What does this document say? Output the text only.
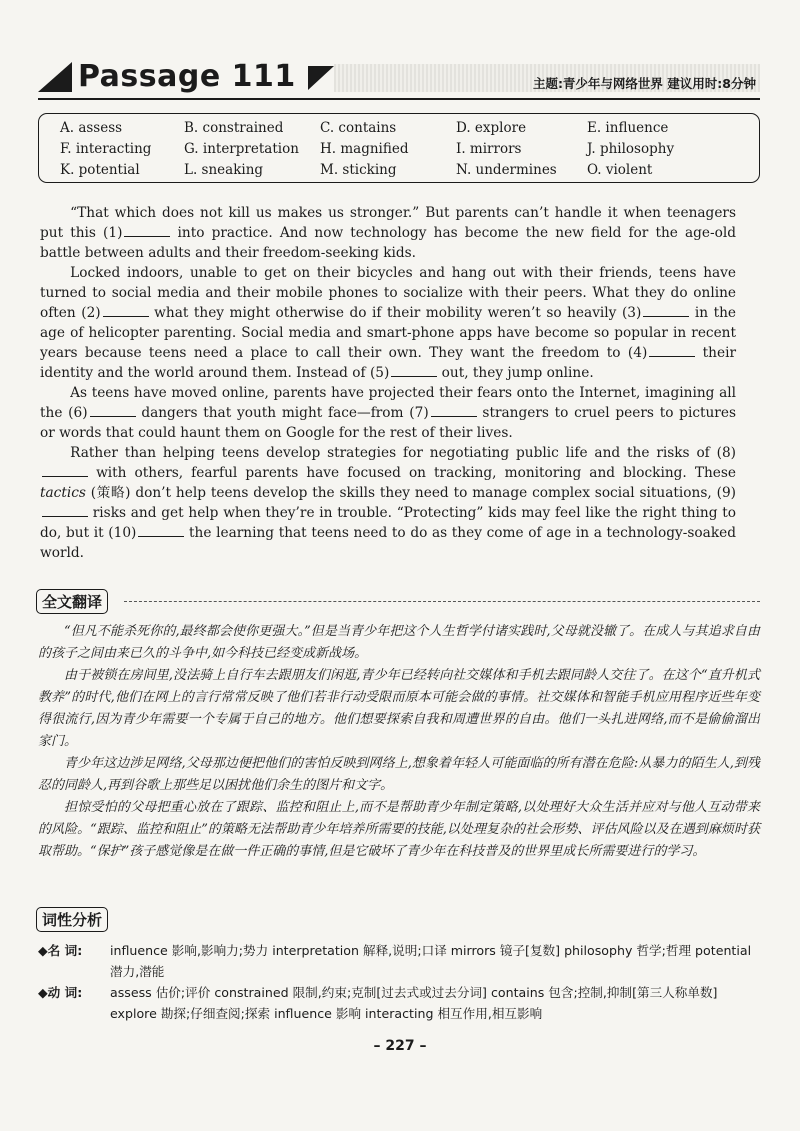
Passage 111	主题:青少年与网络世界 建议用时:8分钟
A. assess	B. constrained	C. contains	D. explore	E. influence
F. interacting	G. interpretation	H. magnified	I. mirrors	J. philosophy
K. potential	L. sneaking	M. sticking	N. undermines	O. violent

“That which does not kill us makes us stronger.” But parents can’t handle it when teenagers put this (1)	into practice. And now technology has become the new field for the age-old battle between adults and their freedom-seeking kids.

Locked indoors, unable to get on their bicycles and hang out with their friends, teens have turned to social media and their mobile phones to socialize with their peers. What they do online often (2)	what they might otherwise do if their mobility weren’t so heavily (3)	in the age of helicopter parenting. Social media and smart-phone apps have become so popular in recent years because teens need a place to call their own. They want the freedom to (4)	their identity and the world around them. Instead of (5)	out, they jump online.

As teens have moved online, parents have projected their fears onto the Internet, imagining all the (6)	dangers that youth might face—from (7)	strangers to cruel peers to pictures or words that could haunt them on Google for the rest of their lives.

Rather than helping teens develop strategies for negotiating public life and the risks of (8) with others, fearful parents have focused on tracking, monitoring and blocking. These tactics (策略) don’t help teens develop the skills they need to manage complex social situations, (9) risks and get help when they’re in trouble. “Protecting” kids may feel like the right thing to do, but it (10)	the learning that teens need to do as they come of age in a technology-soaked world.

全文翻译

“但凡不能杀死你的,最终都会使你更强大。”但是当青少年把这个人生哲学付诸实践时,父母就没辙了。在成人与其追求自由的孩子之间由来已久的斗争中,如今科技已经变成新战场。

由于被锁在房间里,没法骑上自行车去跟朋友们闲逛,青少年已经转向社交媒体和手机去跟同龄人交往了。在这个“直升机式教养”的时代,他们在网上的言行常常反映了他们若非行动受限而原本可能会做的事情。社交媒体和智能手机应用程序近些年变得很流行,因为青少年需要一个专属于自己的地方。他们想要探索自我和周遭世界的自由。他们一头扎进网络,而不是偷偷溜出家门。

青少年这边涉足网络,父母那边便把他们的害怕反映到网络上,想象着年轻人可能面临的所有潜在危险:从暴力的陌生人,到残忍的同龄人,再到谷歌上那些足以困扰他们余生的图片和文字。

担惊受怕的父母把重心放在了跟踪、监控和阻止上,而不是帮助青少年制定策略,以处理好大众生活并应对与他人互动带来的风险。“跟踪、监控和阻止”的策略无法帮助青少年培养所需要的技能,以处理复杂的社会形势、评估风险以及在遇到麻烦时获取帮助。“保护”孩子感觉像是在做一件正确的事情,但是它破坏了青少年在科技普及的世界里成长所需要进行的学习。

词性分析
◆名 词:	influence 影响,影响力;势力 interpretation 解释,说明;口译 mirrors 镜子[复数] philosophy 哲学;哲理 potential 潜力,潜能
◆动 词:	assess 估价;评价 constrained 限制,约束;克制[过去式或过去分词] contains 包含;控制,抑制[第三人称单数] explore 勘探;仔细查阅;探索 influence 影响 interacting 相互作用,相互影响
– 227 –
